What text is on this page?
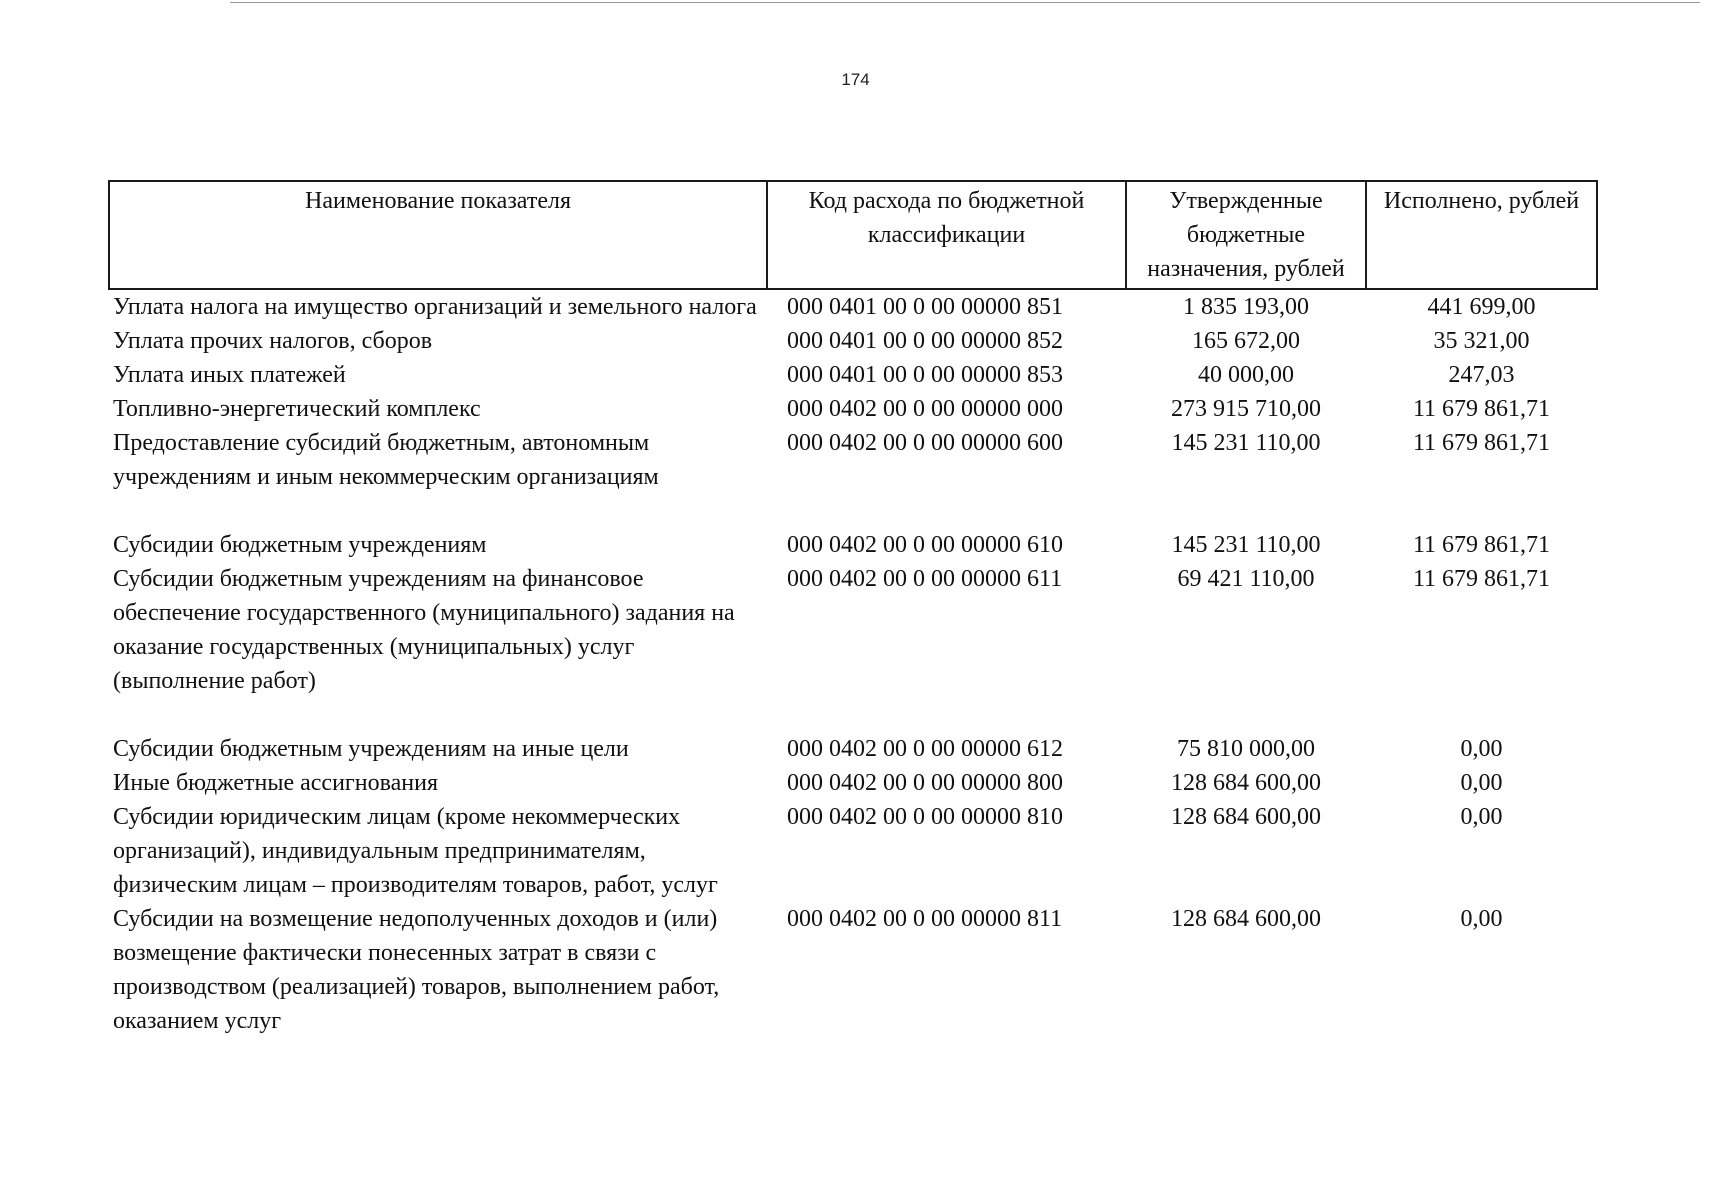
174
Наименование показателя	Код расхода по бюджетной классификации	Утвержденные бюджетные назначения, рублей	Исполнено, рублей
Уплата налога на имущество организаций и земельного налога	000 0401 00 0 00 00000 851	1 835 193,00	441 699,00
Уплата прочих налогов, сборов	000 0401 00 0 00 00000 852	165 672,00	35 321,00
Уплата иных платежей	000 0401 00 0 00 00000 853	40 000,00	247,03
Топливно-энергетический комплекс	000 0402 00 0 00 00000 000	273 915 710,00	11 679 861,71
Предоставление субсидий бюджетным, автономным учреждениям и иным некоммерческим организациям	000 0402 00 0 00 00000 600	145 231 110,00	11 679 861,71
Субсидии бюджетным учреждениям	000 0402 00 0 00 00000 610	145 231 110,00	11 679 861,71
Субсидии бюджетным учреждениям на финансовое обеспечение государственного (муниципального) задания на оказание государственных (муниципальных) услуг (выполнение работ)	000 0402 00 0 00 00000 611	69 421 110,00	11 679 861,71
Субсидии бюджетным учреждениям на иные цели	000 0402 00 0 00 00000 612	75 810 000,00	0,00
Иные бюджетные ассигнования	000 0402 00 0 00 00000 800	128 684 600,00	0,00
Субсидии юридическим лицам (кроме некоммерческих организаций), индивидуальным предпринимателям, физическим лицам – производителям товаров, работ, услуг	000 0402 00 0 00 00000 810	128 684 600,00	0,00
Субсидии на возмещение недополученных доходов и (или) возмещение фактически понесенных затрат в связи с производством (реализацией) товаров, выполнением работ, оказанием услуг	000 0402 00 0 00 00000 811	128 684 600,00	0,00
